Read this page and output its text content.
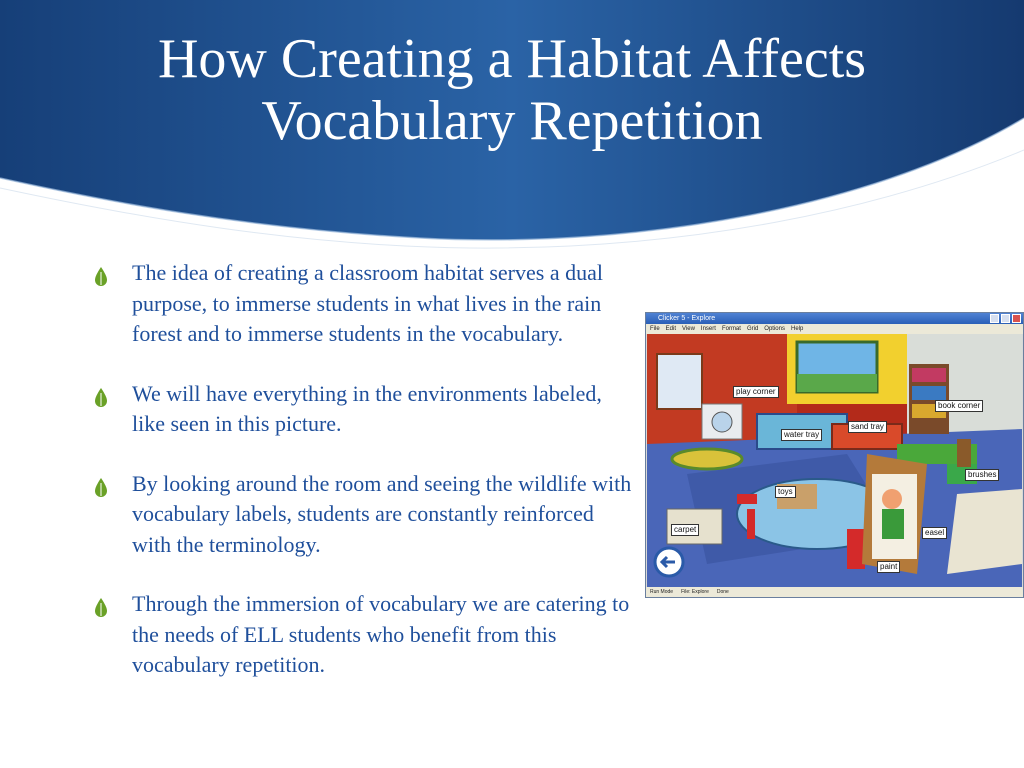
How Creating a Habitat Affects
Vocabulary Repetition
The idea of creating a classroom habitat serves a dual purpose, to immerse students in what lives in the rain forest and to immerse students in the vocabulary.
We will have everything in the environments labeled, like seen in this picture.
By looking around the room and seeing the wildlife with vocabulary labels, students are constantly reinforced with the terminology.
Through the immersion of vocabulary we are catering to the needs of ELL students who benefit from this vocabulary repetition.
Clicker 5 - Explore
File Edit View Insert Format Grid Options Help
play corner
book corner
water tray
sand tray
toys
brushes
carpet	easel
paint
Run Mode File: Explore Done
